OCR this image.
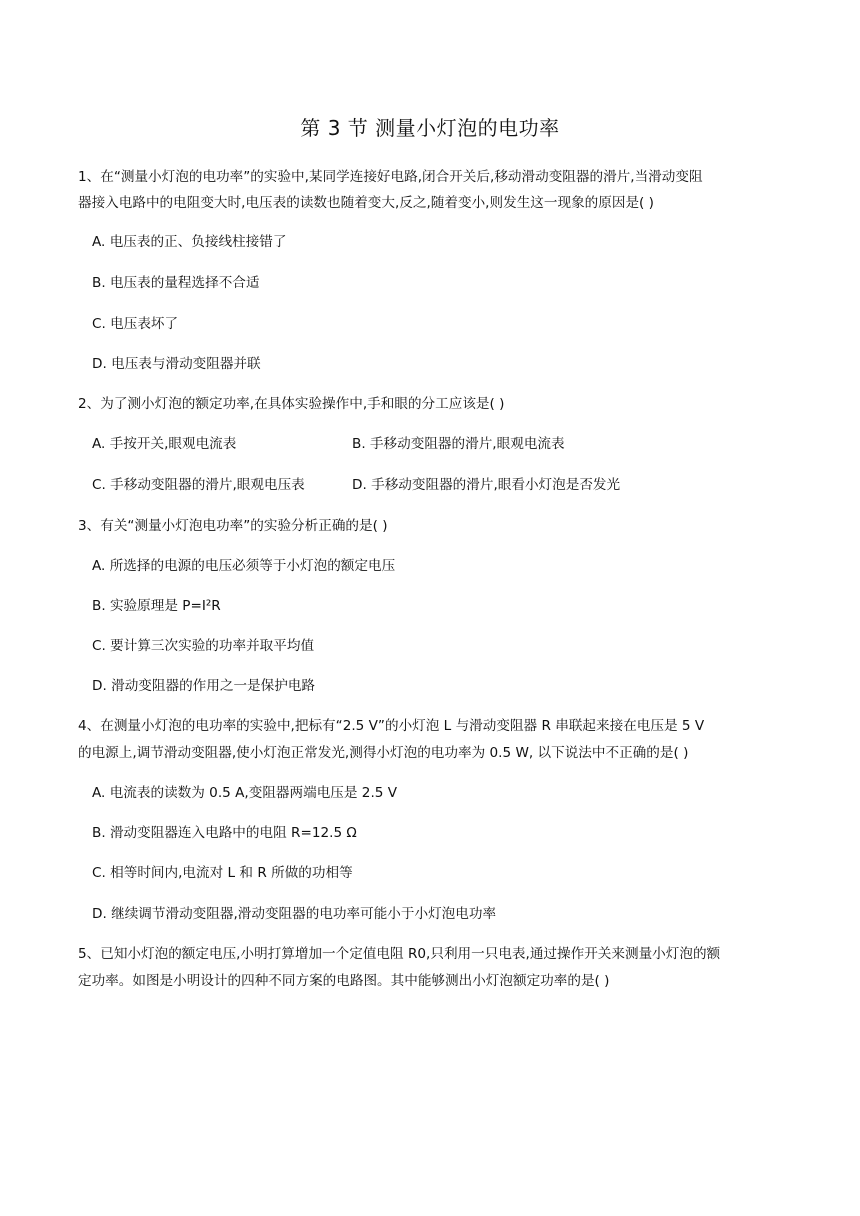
第 3 节 测量小灯泡的电功率
1、在“测量小灯泡的电功率”的实验中,某同学连接好电路,闭合开关后,移动滑动变阻器的滑片,当滑动变阻
器接入电路中的电阻变大时,电压表的读数也随着变大,反之,随着变小,则发生这一现象的原因是( )
A. 电压表的正、负接线柱接错了
B. 电压表的量程选择不合适
C. 电压表坏了
D. 电压表与滑动变阻器并联
2、为了测小灯泡的额定功率,在具体实验操作中,手和眼的分工应该是( )
A. 手按开关,眼观电流表	B. 手移动变阻器的滑片,眼观电流表
C. 手移动变阻器的滑片,眼观电压表	D. 手移动变阻器的滑片,眼看小灯泡是否发光
3、有关“测量小灯泡电功率”的实验分析正确的是( )
A. 所选择的电源的电压必须等于小灯泡的额定电压
B. 实验原理是 P=I²R
C. 要计算三次实验的功率并取平均值
D. 滑动变阻器的作用之一是保护电路
4、在测量小灯泡的电功率的实验中,把标有“2.5 V”的小灯泡 L 与滑动变阻器 R 串联起来接在电压是 5 V
的电源上,调节滑动变阻器,使小灯泡正常发光,测得小灯泡的电功率为 0.5 W, 以下说法中不正确的是( )
A. 电流表的读数为 0.5 A,变阻器两端电压是 2.5 V
B. 滑动变阻器连入电路中的电阻 R=12.5 Ω
C. 相等时间内,电流对 L 和 R 所做的功相等
D. 继续调节滑动变阻器,滑动变阻器的电功率可能小于小灯泡电功率
5、已知小灯泡的额定电压,小明打算增加一个定值电阻 R0,只利用一只电表,通过操作开关来测量小灯泡的额
定功率。如图是小明设计的四种不同方案的电路图。其中能够测出小灯泡额定功率的是( )
